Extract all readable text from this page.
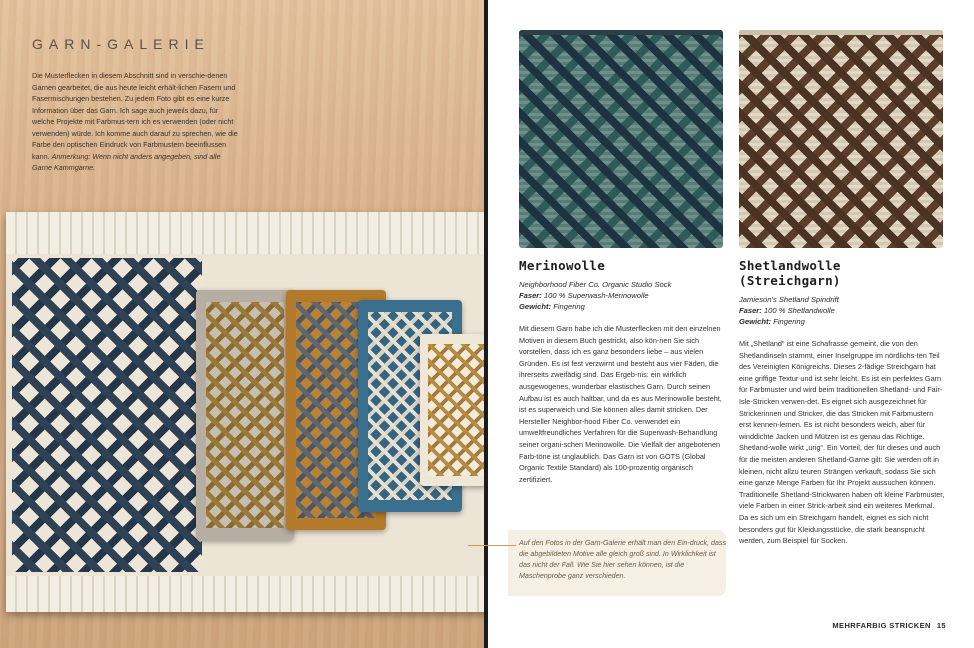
GARN-GALERIE
Die Musterflecken in diesem Abschnitt sind in verschie-denen Garnen gearbeitet, die aus heute leicht erhält-lichen Fasern und Fasermischungen bestehen. Zu jedem Foto gibt es eine kurze Information über das Garn. Ich sage auch jeweils dazu, für welche Projekte mit Farbmus-tern ich es verwenden (oder nicht verwenden) würde. Ich komme auch darauf zu sprechen, wie die Farbe den optischen Eindruck von Farbmustern beeinflussen kann. Anmerkung: Wenn nicht anders angegeben, sind alle Garne Kammgarne.
Merinowolle
Neighborhood Fiber Co. Organic Studio Sock
Faser: 100 % Superwash-Merinowolle
Gewicht: Fingering
Mit diesem Garn habe ich die Musterflecken mit den einzelnen Motiven in diesem Buch gestrickt, also kön-nen Sie sich vorstellen, dass ich es ganz besonders liebe – aus vielen Gründen. Es ist fest verzwirnt und besteht aus vier Fäden, die ihrerseits zweifädig sind. Das Ergeb-nis: ein wirklich ausgewogenes, wunderbar elastisches Garn. Durch seinen Aufbau ist es auch haltbar, und da es aus Merinowolle besteht, ist es superweich und Sie können alles damit stricken. Der Hersteller Neighbor-hood Fiber Co. verwendet ein umweltfreundliches Verfahren für die Superwash-Behandlung seiner organi-schen Merinowolle. Die Vielfalt der angebotenen Farb-töne ist unglaublich. Das Garn ist von GOTS (Global Organic Textile Standard) als 100-prozentig organisch zertifiziert.
Shetlandwolle (Streichgarn)
Jamieson's Shetland Spindrift
Faser: 100 % Shetlandwolle
Gewicht: Fingering
Mit „Shetland“ ist eine Schafrasse gemeint, die von den Shetlandinseln stammt, einer Inselgruppe im nördlichs-ten Teil des Vereinigten Königreichs. Dieses 2-fädige Streichgarn hat eine griffige Textur und ist sehr leicht. Es ist ein perfektes Garn für Farbmuster und wird beim traditionellen Shetland- und Fair-Isle-Stricken verwen-det. Es eignet sich ausgezeichnet für Strickerinnen und Stricker, die das Stricken mit Farbmustern erst kennen-lernen. Es ist nicht besonders weich, aber für winddichte Jacken und Mützen ist es genau das Richtige. Shetland-wolle wirkt „urig“. Ein Vorteil, der für dieses und auch für die meisten anderen Shetland-Garne gilt: Sie werden oft in kleinen, nicht allzu teuren Strängen verkauft, sodass Sie sich eine ganze Menge Farben für Ihr Projekt aussuchen können. Traditionelle Shetland-Strickwaren haben oft kleine Farbmuster, viele Farben in einer Strick-arbeit sind ein weiteres Merkmal. Da es sich um ein Streichgarn handelt, eignet es sich nicht besonders gut für Kleidungsstücke, die stark beansprucht werden, zum Beispiel für Socken.
Auf den Fotos in der Garn-Galerie erhält man den Ein-druck, dass die abgebildeten Motive alle gleich groß sind. In Wirklichkeit ist das nicht der Fall. Wie Sie hier sehen können, ist die Maschenprobe ganz verschieden.
MEHRFARBIG STRICKEN 15
